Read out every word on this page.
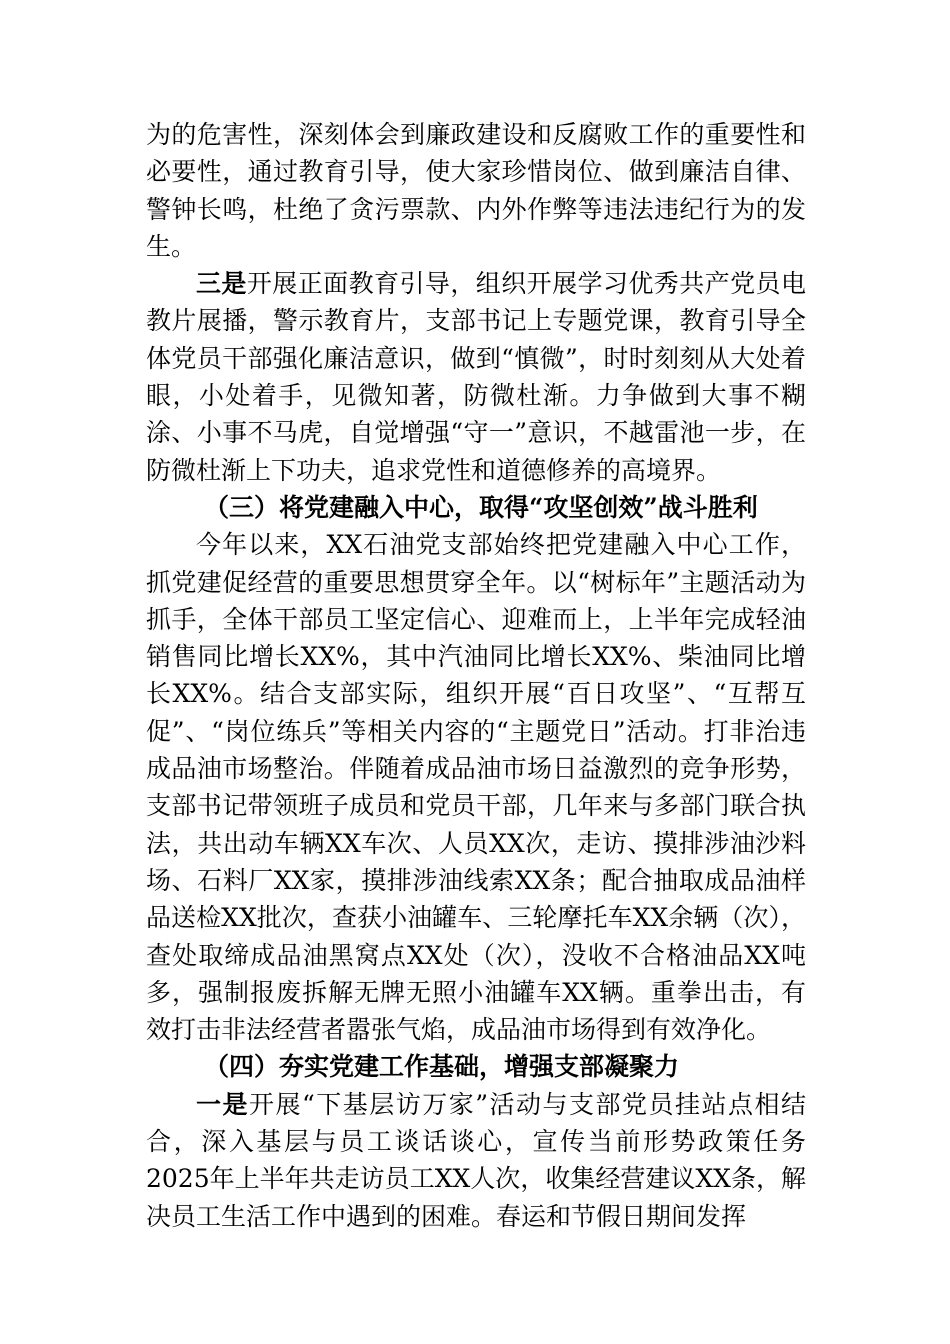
为的危害性，深刻体会到廉政建设和反腐败工作的重要性和必要性，通过教育引导，使大家珍惜岗位、做到廉洁自律、警钟长鸣，杜绝了贪污票款、内外作弊等违法违纪行为的发生。

三是开展正面教育引导，组织开展学习优秀共产党员电教片展播，警示教育片，支部书记上专题党课，教育引导全体党员干部强化廉洁意识，做到“慎微”，时时刻刻从大处着眼，小处着手，见微知著，防微杜渐。力争做到大事不糊涂、小事不马虎，自觉增强“守一”意识，不越雷池一步，在防微杜渐上下功夫，追求党性和道德修养的高境界。

（三）将党建融入中心，取得“攻坚创效”战斗胜利

今年以来，XX石油党支部始终把党建融入中心工作，抓党建促经营的重要思想贯穿全年。以“树标年”主题活动为抓手，全体干部员工坚定信心、迎难而上，上半年完成轻油销售同比增长XX%，其中汽油同比增长XX%、柴油同比增长XX%。结合支部实际，组织开展“百日攻坚”、“互帮互促”、“岗位练兵”等相关内容的“主题党日”活动。打非治违成品油市场整治。伴随着成品油市场日益激烈的竞争形势，支部书记带领班子成员和党员干部，几年来与多部门联合执法，共出动车辆XX车次、人员XX次，走访、摸排涉油沙料场、石料厂XX家，摸排涉油线索XX条；配合抽取成品油样品送检XX批次，查获小油罐车、三轮摩托车XX余辆（次），查处取缔成品油黑窝点XX处（次），没收不合格油品XX吨多，强制报废拆解无牌无照小油罐车XX辆。重拳出击，有效打击非法经营者嚣张气焰，成品油市场得到有效净化。

（四）夯实党建工作基础，增强支部凝聚力

一是开展“下基层访万家”活动与支部党员挂站点相结合，深入基层与员工谈话谈心，宣传当前形势政策任务2025年上半年共走访员工XX人次，收集经营建议XX条，解决员工生活工作中遇到的困难。春运和节假日期间发挥
